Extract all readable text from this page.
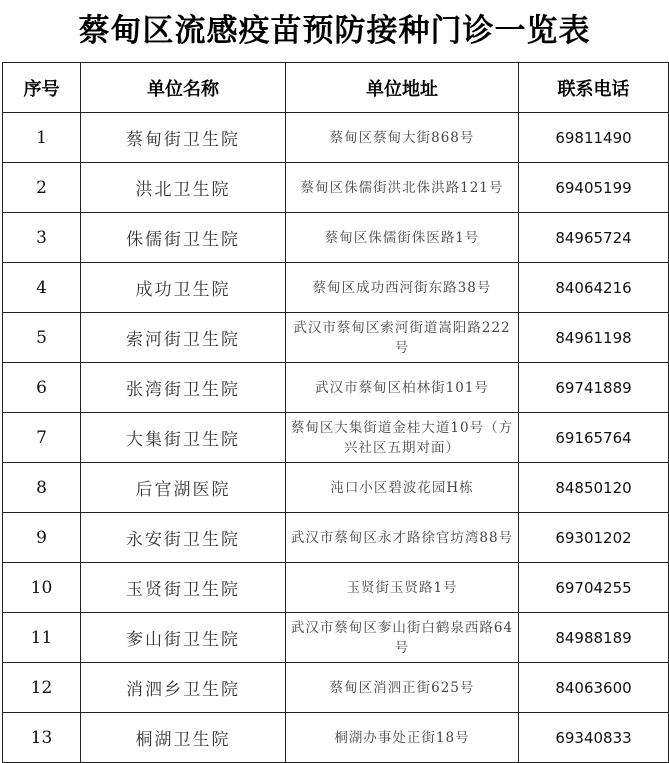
蔡甸区流感疫苗预防接种门诊一览表
序号	单位名称	单位地址	联系电话
1	蔡甸街卫生院	蔡甸区蔡甸大街868号	69811490
2	洪北卫生院	蔡甸区侏儒街洪北侏洪路121号	69405199
3	侏儒街卫生院	蔡甸区侏儒街侏医路1号	84965724
4	成功卫生院	蔡甸区成功西河街东路38号	84064216
5	索河街卫生院	武汉市蔡甸区索河街道嵩阳路222号	84961198
6	张湾街卫生院	武汉市蔡甸区柏林街101号	69741889
7	大集街卫生院	蔡甸区大集街道金桂大道10号（方兴社区五期对面）	69165764
8	后官湖医院	沌口小区碧波花园H栋	84850120
9	永安街卫生院	武汉市蔡甸区永才路徐官坊湾88号	69301202
10	玉贤街卫生院	玉贤街玉贤路1号	69704255
11	奓山街卫生院	武汉市蔡甸区奓山街白鹤泉西路64号	84988189
12	消泗乡卫生院	蔡甸区消泗正街625号	84063600
13	桐湖卫生院	桐湖办事处正街18号	69340833
